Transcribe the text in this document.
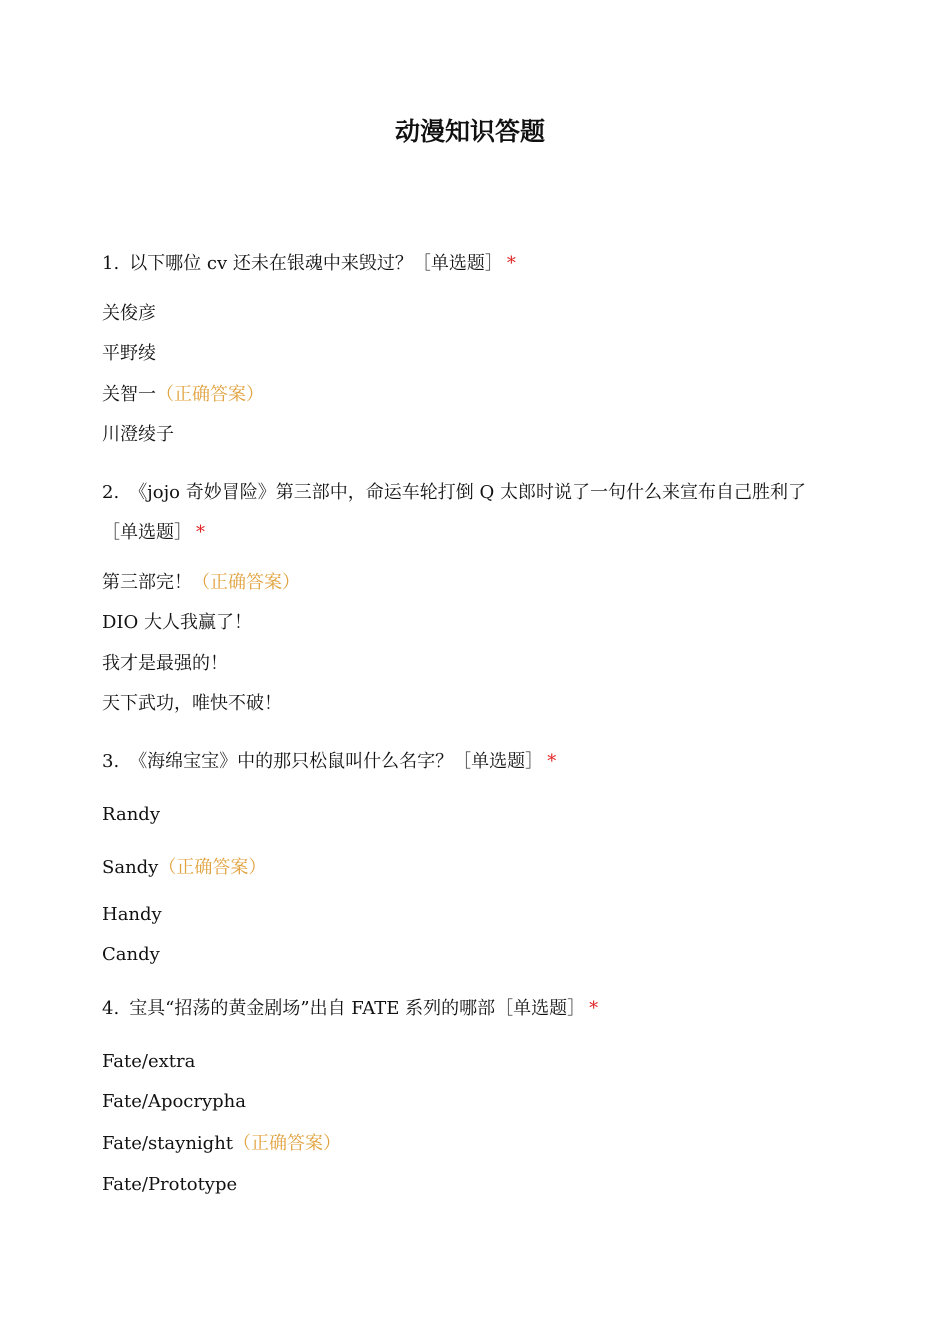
动漫知识答题
1. 以下哪位 cv 还未在银魂中来毁过？［单选题］ *
关俊彦
平野绫
关智一（正确答案）
川澄绫子
2. 《jojo 奇妙冒险》第三部中，命运车轮打倒 Q 太郎时说了一句什么来宣布自己胜利了［单选题］ *
第三部完！（正确答案）
DIO 大人我赢了！
我才是最强的！
天下武功，唯快不破！
3. 《海绵宝宝》中的那只松鼠叫什么名字？［单选题］ *
Randy
Sandy（正确答案）
Handy
Candy
4. 宝具“招荡的黄金剧场”出自 FATE 系列的哪部［单选题］ *
Fate/extra
Fate/Apocrypha
Fate/staynight（正确答案）
Fate/Prototype
